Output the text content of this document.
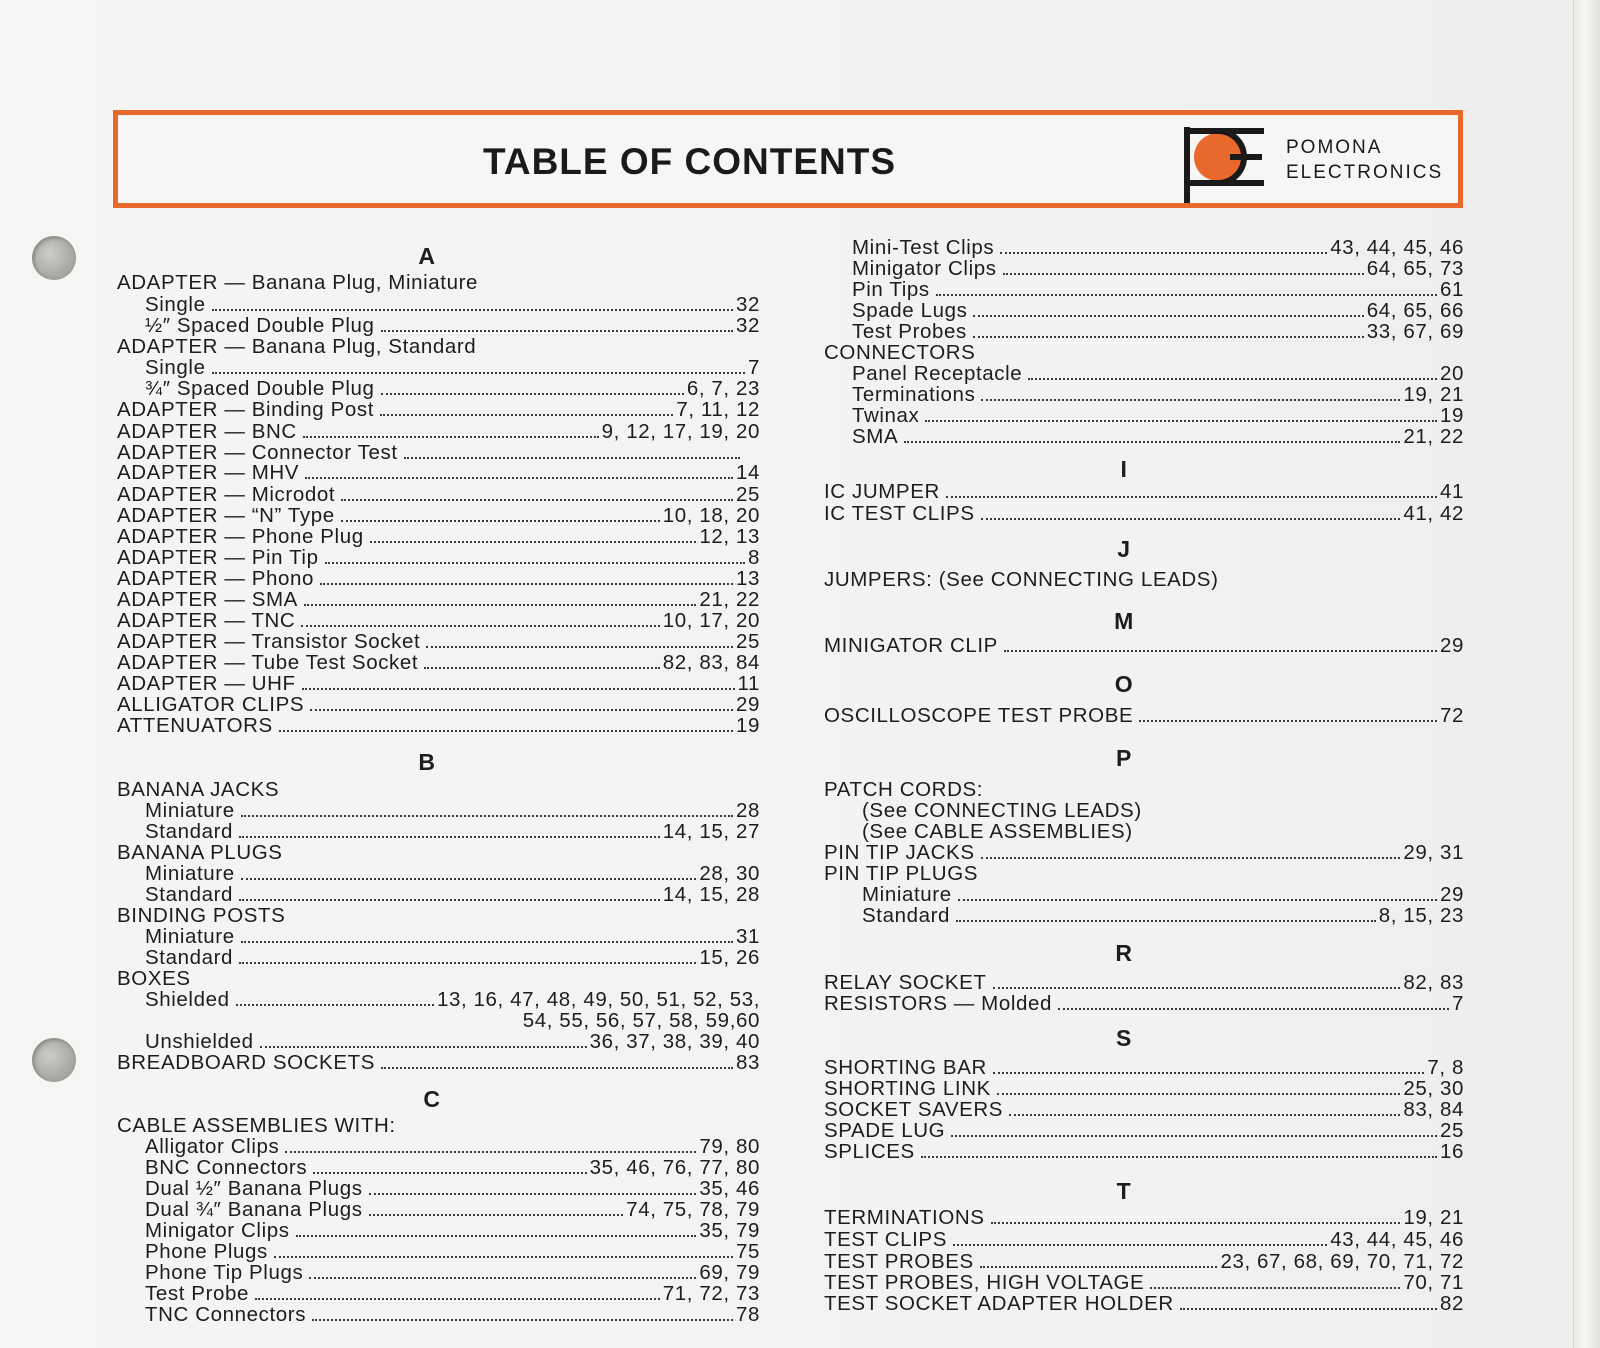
TABLE OF CONTENTS	POMONA
ELECTRONICS
A
B
C
ADAPTER — Banana Plug, Miniature
Single	32
½″ Spaced Double Plug	32
ADAPTER — Banana Plug, Standard
Single	7
¾″ Spaced Double Plug	6, 7, 23
ADAPTER — Binding Post	7, 11, 12
ADAPTER — BNC	9, 12, 17, 19, 20
ADAPTER — Connector Test
ADAPTER — MHV	14
ADAPTER — Microdot	25
ADAPTER — “N” Type	10, 18, 20
ADAPTER — Phone Plug	12, 13
ADAPTER — Pin Tip	8
ADAPTER — Phono	13
ADAPTER — SMA	21, 22
ADAPTER — TNC	10, 17, 20
ADAPTER — Transistor Socket	25
ADAPTER — Tube Test Socket	82, 83, 84
ADAPTER — UHF	11
ALLIGATOR CLIPS	29
ATTENUATORS	19
BANANA JACKS
Miniature	28
Standard	14, 15, 27
BANANA PLUGS
Miniature	28, 30
Standard	14, 15, 28
BINDING POSTS
Miniature	31
Standard	15, 26
BOXES
Shielded	13, 16, 47, 48, 49, 50, 51, 52, 53,
54, 55, 56, 57, 58, 59,60
Unshielded	36, 37, 38, 39, 40
BREADBOARD SOCKETS	83
CABLE ASSEMBLIES WITH:
Alligator Clips	79, 80
BNC Connectors	35, 46, 76, 77, 80
Dual ½″ Banana Plugs	35, 46
Dual ¾″ Banana Plugs	74, 75, 78, 79
Minigator Clips	35, 79
Phone Plugs	75
Phone Tip Plugs	69, 79
Test Probe	71, 72, 73
TNC Connectors	78
I
J
M
O
P
R
S
T
Mini-Test Clips	43, 44, 45, 46
Minigator Clips	64, 65, 73
Pin Tips	61
Spade Lugs	64, 65, 66
Test Probes	33, 67, 69
CONNECTORS
Panel Receptacle	20
Terminations	19, 21
Twinax	19
SMA	21, 22
IC JUMPER	41
IC TEST CLIPS	41, 42
JUMPERS: (See CONNECTING LEADS)
MINIGATOR CLIP	29
OSCILLOSCOPE TEST PROBE	72
PATCH CORDS:
(See CONNECTING LEADS)
(See CABLE ASSEMBLIES)
PIN TIP JACKS	29, 31
PIN TIP PLUGS
Miniature	29
Standard	8, 15, 23
RELAY SOCKET	82, 83
RESISTORS — Molded	7
SHORTING BAR	7, 8
SHORTING LINK	25, 30
SOCKET SAVERS	83, 84
SPADE LUG	25
SPLICES	16
TERMINATIONS	19, 21
TEST CLIPS	43, 44, 45, 46
TEST PROBES	23, 67, 68, 69, 70, 71, 72
TEST PROBES, HIGH VOLTAGE	70, 71
TEST SOCKET ADAPTER HOLDER	82
